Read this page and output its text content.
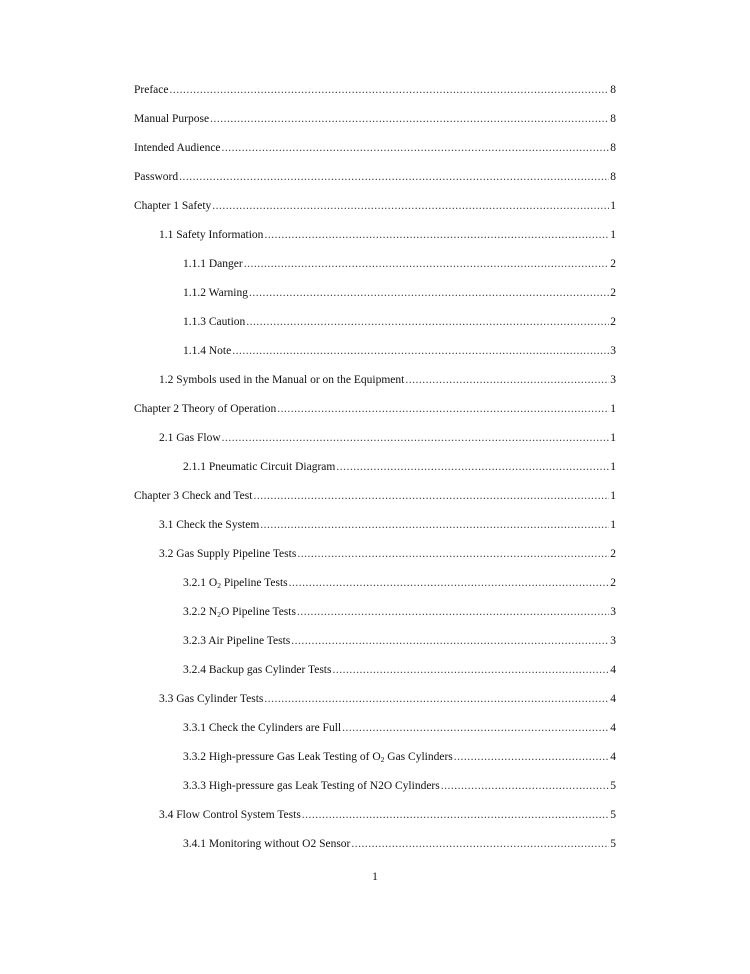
Preface .....	8
Manual Purpose .....	8
Intended Audience .....	8
Password .....	8
Chapter 1 Safety .....	1
1.1 Safety Information .....	1
1.1.1 Danger .....	2
1.1.2 Warning .....	2
1.1.3 Caution .....	2
1.1.4 Note .....	3
1.2 Symbols used in the Manual or on the Equipment .....	3
Chapter 2 Theory of Operation .....	1
2.1 Gas Flow .....	1
2.1.1 Pneumatic Circuit Diagram .....	1
Chapter 3 Check and Test .....	1
3.1 Check the System .....	1
3.2 Gas Supply Pipeline Tests .....	2
3.2.1 $O_2$ Pipeline Tests .....	2
3.2.2 $N_2O$ Pipeline Tests .....	3
3.2.3 Air Pipeline Tests .....	3
3.2.4 Backup gas Cylinder Tests .....	4
3.3 Gas Cylinder Tests .....	4
3.3.1 Check the Cylinders are Full .....	4
3.3.2 High-pressure Gas Leak Testing of $O_2$ Gas Cylinders .....	4
3.3.3 High-pressure gas Leak Testing of N2O Cylinders .....	5
3.4 Flow Control System Tests .....	5
3.4.1 Monitoring without O2 Sensor .....	5
1
